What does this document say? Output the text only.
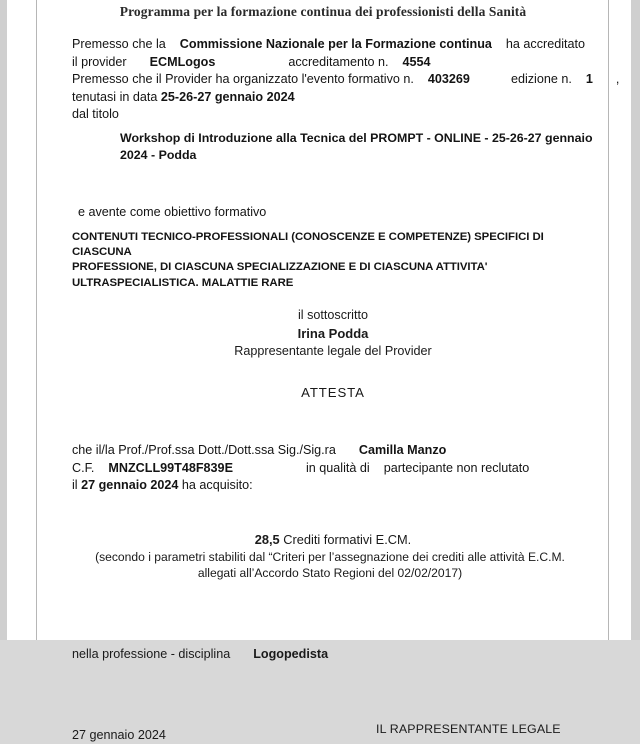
Programma per la formazione continua dei professionisti della Sanità
Premesso che la Commissione Nazionale per la Formazione continua ha accreditato
il provider ECMLogos	accreditamento n. 4554
Premesso che il Provider ha organizzato l'evento formativo n. 403269	edizione n. 1 ,
tenutasi in data 25-26-27 gennaio 2024
dal titolo
Workshop di Introduzione alla Tecnica del PROMPT - ONLINE - 25-26-27 gennaio
2024 - Podda
e avente come obiettivo formativo
CONTENUTI TECNICO-PROFESSIONALI (CONOSCENZE E COMPETENZE) SPECIFICI DI CIASCUNA
PROFESSIONE, DI CIASCUNA SPECIALIZZAZIONE E DI CIASCUNA ATTIVITA'
ULTRASPECIALISTICA. MALATTIE RARE
il sottoscritto
Irina Podda
Rappresentante legale del Provider
ATTESTA
che il/la Prof./Prof.ssa Dott./Dott.ssa Sig./Sig.ra Camilla Manzo
C.F. MNZCLL99T48F839E	in qualità di partecipante non reclutato
il 27 gennaio 2024 ha acquisito:
28,5 Crediti formativi E.CM.
(secondo i parametri stabiliti dal “Criteri per l’assegnazione dei crediti alle attività E.C.M.
allegati all’Accordo Stato Regioni del 02/02/2017)
nella professione - disciplina Logopedista
IL RAPPRESENTANTE LEGALE
27 gennaio 2024
